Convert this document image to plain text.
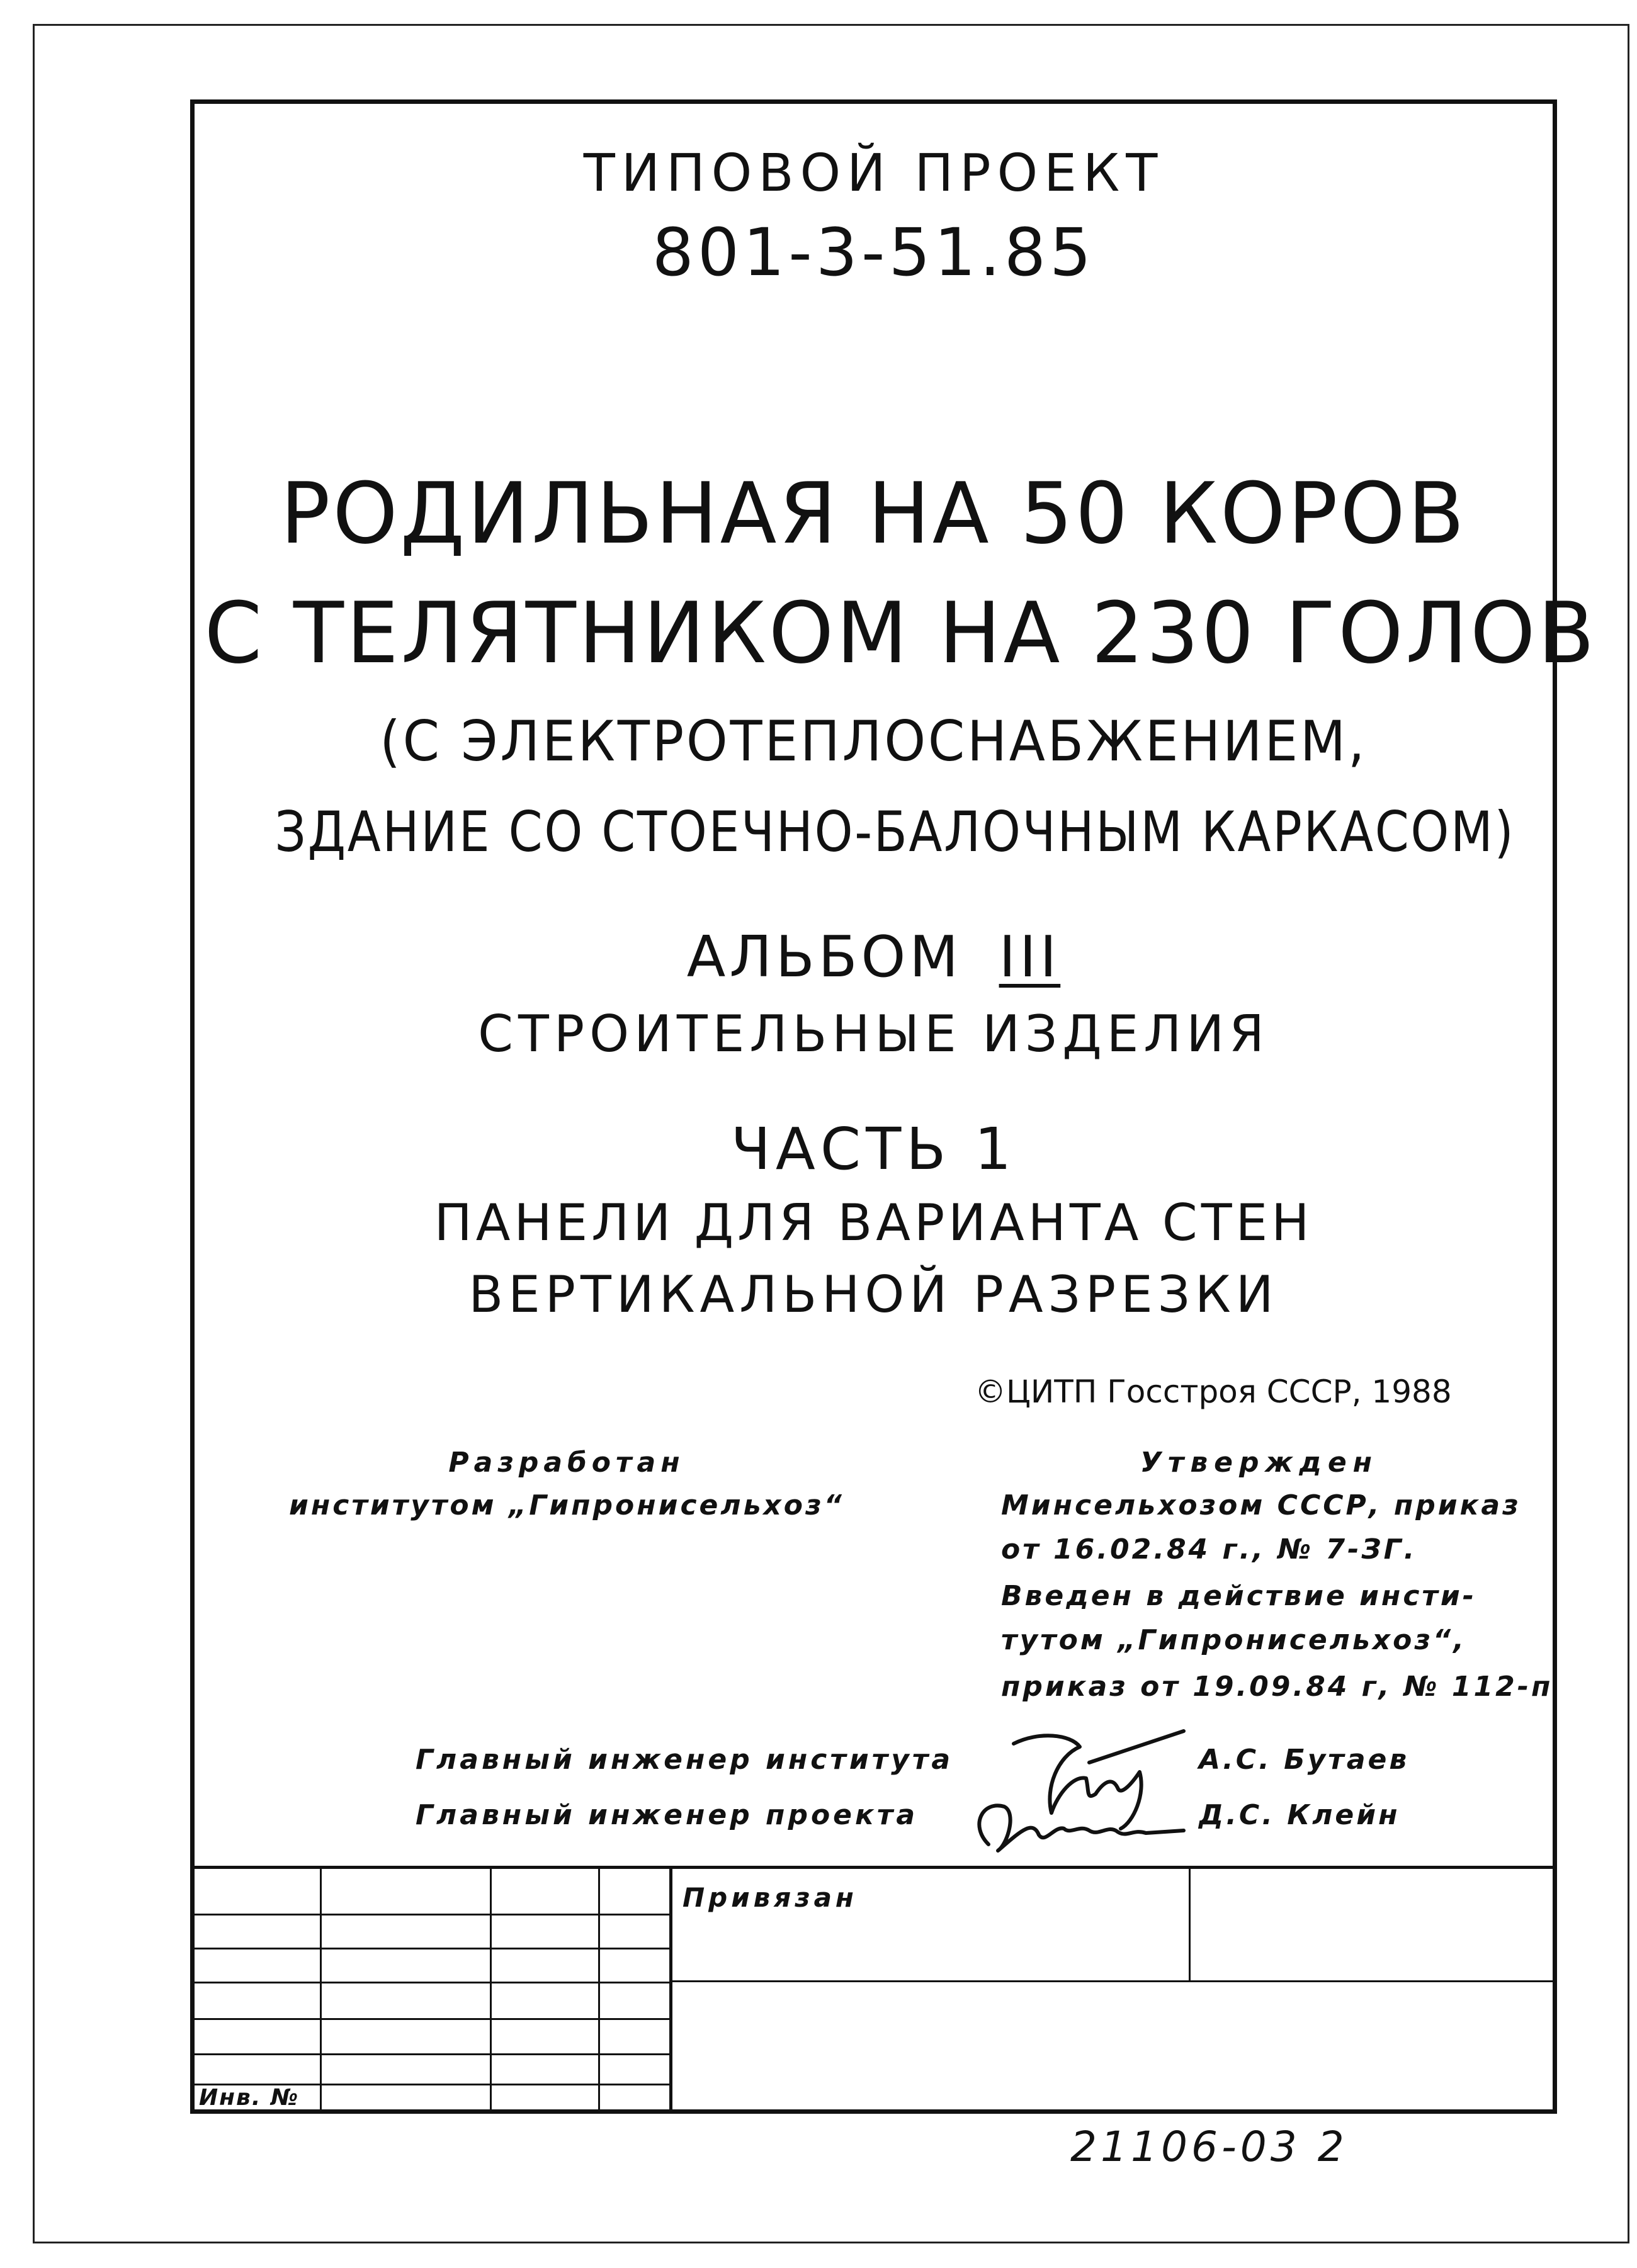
ТИПОВОЙ ПРОЕКТ
801-3-51.85
РОДИЛЬНАЯ НА 50 КОРОВ
С ТЕЛЯТНИКОМ НА 230 ГОЛОВ
(С ЭЛЕКТРОТЕПЛОСНАБЖЕНИЕМ,
ЗДАНИЕ СО СТОЕЧНО-БАЛОЧНЫМ КАРКАСОМ)
АЛЬБОМ III
СТРОИТЕЛЬНЫЕ ИЗДЕЛИЯ
ЧАСТЬ 1
ПАНЕЛИ ДЛЯ ВАРИАНТА СТЕН
ВЕРТИКАЛЬНОЙ РАЗРЕЗКИ
©ЦИТП Госстроя СССР, 1988
Разработан
институтом „Гипронисельхоз“
Утвержден
Минсельхозом СССР, приказ
от 16.02.84 г., № 7-ЗГ.
Введен в действие инсти-
тутом „Гипронисельхоз“,
приказ от 19.09.84 г, № 112-п
Главный инженер института	А.С. Бутаев
Главный инженер проекта	Д.С. Клейн
Привязан
Инв. №
21106-03 2
